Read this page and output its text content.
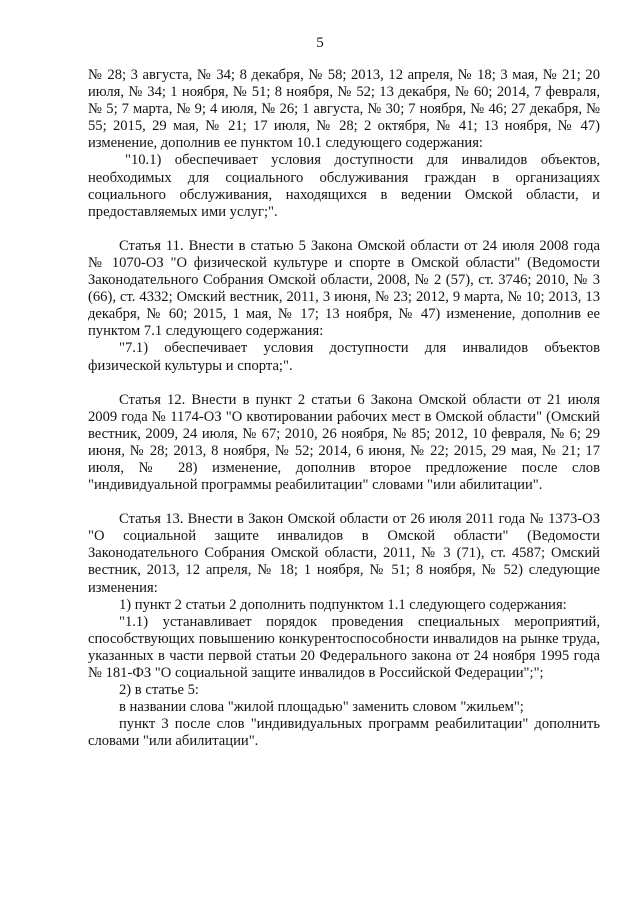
5

№ 28; 3 августа, № 34; 8 декабря, № 58; 2013, 12 апреля, № 18; 3 мая, № 21; 20 июля, № 34; 1 ноября, № 51; 8 ноября, № 52; 13 декабря, № 60; 2014, 7 февраля, № 5; 7 марта, № 9; 4 июля, № 26; 1 августа, № 30; 7 ноября, № 46; 27 декабря, № 55; 2015, 29 мая, № 21; 17 июля, № 28; 2 октября, № 41; 13 ноября, № 47) изменение, дополнив ее пунктом 10.1 следующего содержания:

"10.1) обеспечивает условия доступности для инвалидов объектов, необходимых для социального обслуживания граждан в организациях социального обслуживания, находящихся в ведении Омской области, и предоставляемых ими услуг;".

Статья 11. Внести в статью 5 Закона Омской области от 24 июля 2008 года № 1070-ОЗ "О физической культуре и спорте в Омской области" (Ведомости Законодательного Собрания Омской области, 2008, № 2 (57), ст. 3746; 2010, № 3 (66), ст. 4332; Омский вестник, 2011, 3 июня, № 23; 2012, 9 марта, № 10; 2013, 13 декабря, № 60; 2015, 1 мая, № 17; 13 ноября, № 47) изменение, дополнив ее пунктом 7.1 следующего содержания:

"7.1) обеспечивает условия доступности для инвалидов объектов физической культуры и спорта;".

Статья 12. Внести в пункт 2 статьи 6 Закона Омской области от 21 июля 2009 года № 1174-ОЗ "О квотировании рабочих мест в Омской области" (Омский вестник, 2009, 24 июля, № 67; 2010, 26 ноября, № 85; 2012, 10 февраля, № 6; 29 июня, № 28; 2013, 8 ноября, № 52; 2014, 6 июня, № 22; 2015, 29 мая, № 21; 17 июля, № 28) изменение, дополнив второе предложение после слов "индивидуальной программы реабилитации" словами "или абилитации".

Статья 13. Внести в Закон Омской области от 26 июля 2011 года № 1373-ОЗ "О социальной защите инвалидов в Омской области" (Ведомости Законодательного Собрания Омской области, 2011, № 3 (71), ст. 4587; Омский вестник, 2013, 12 апреля, № 18; 1 ноября, № 51; 8 ноября, № 52) следующие изменения:

1) пункт 2 статьи 2 дополнить подпунктом 1.1 следующего содержания:

"1.1) устанавливает порядок проведения специальных мероприятий, способствующих повышению конкурентоспособности инвалидов на рынке труда, указанных в части первой статьи 20 Федерального закона от 24 ноября 1995 года № 181-ФЗ "О социальной защите инвалидов в Российской Федерации";";

2) в статье 5:

в названии слова "жилой площадью" заменить словом "жильем";

пункт 3 после слов "индивидуальных программ реабилитации" дополнить словами "или абилитации".
